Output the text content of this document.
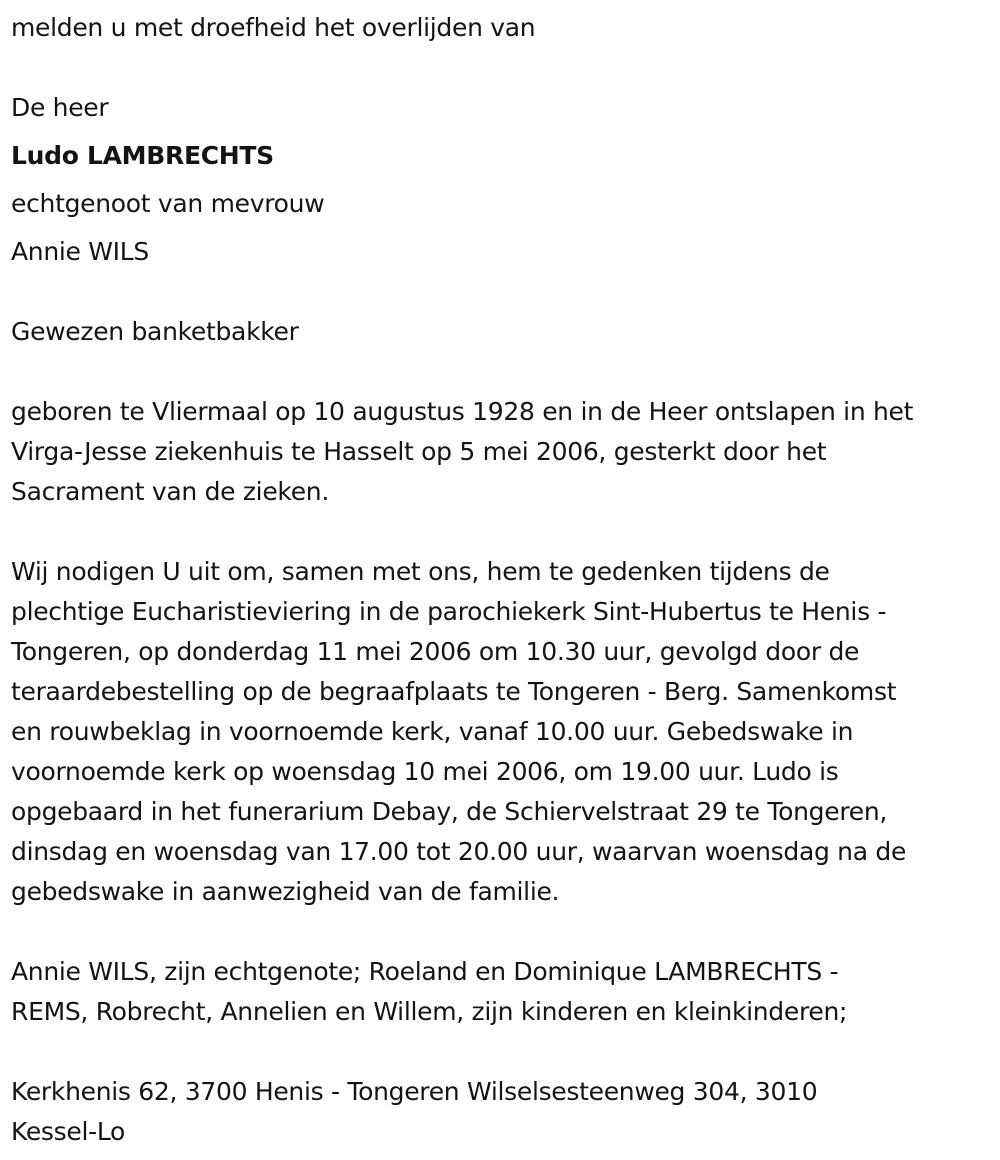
melden u met droefheid het overlijden van
De heer
Ludo LAMBRECHTS
echtgenoot van mevrouw
Annie WILS
Gewezen banketbakker
geboren te Vliermaal op 10 augustus 1928 en in de Heer ontslapen in het
Virga-Jesse ziekenhuis te Hasselt op 5 mei 2006, gesterkt door het
Sacrament van de zieken.
Wij nodigen U uit om, samen met ons, hem te gedenken tijdens de
plechtige Eucharistieviering in de parochiekerk Sint-Hubertus te Henis -
Tongeren, op donderdag 11 mei 2006 om 10.30 uur, gevolgd door de
teraardebestelling op de begraafplaats te Tongeren - Berg. Samenkomst
en rouwbeklag in voornoemde kerk, vanaf 10.00 uur. Gebedswake in
voornoemde kerk op woensdag 10 mei 2006, om 19.00 uur. Ludo is
opgebaard in het funerarium Debay, de Schiervelstraat 29 te Tongeren,
dinsdag en woensdag van 17.00 tot 20.00 uur, waarvan woensdag na de
gebedswake in aanwezigheid van de familie.
Annie WILS, zijn echtgenote; Roeland en Dominique LAMBRECHTS -
REMS, Robrecht, Annelien en Willem, zijn kinderen en kleinkinderen;
Kerkhenis 62, 3700 Henis - Tongeren Wilselsesteenweg 304, 3010
Kessel-Lo
